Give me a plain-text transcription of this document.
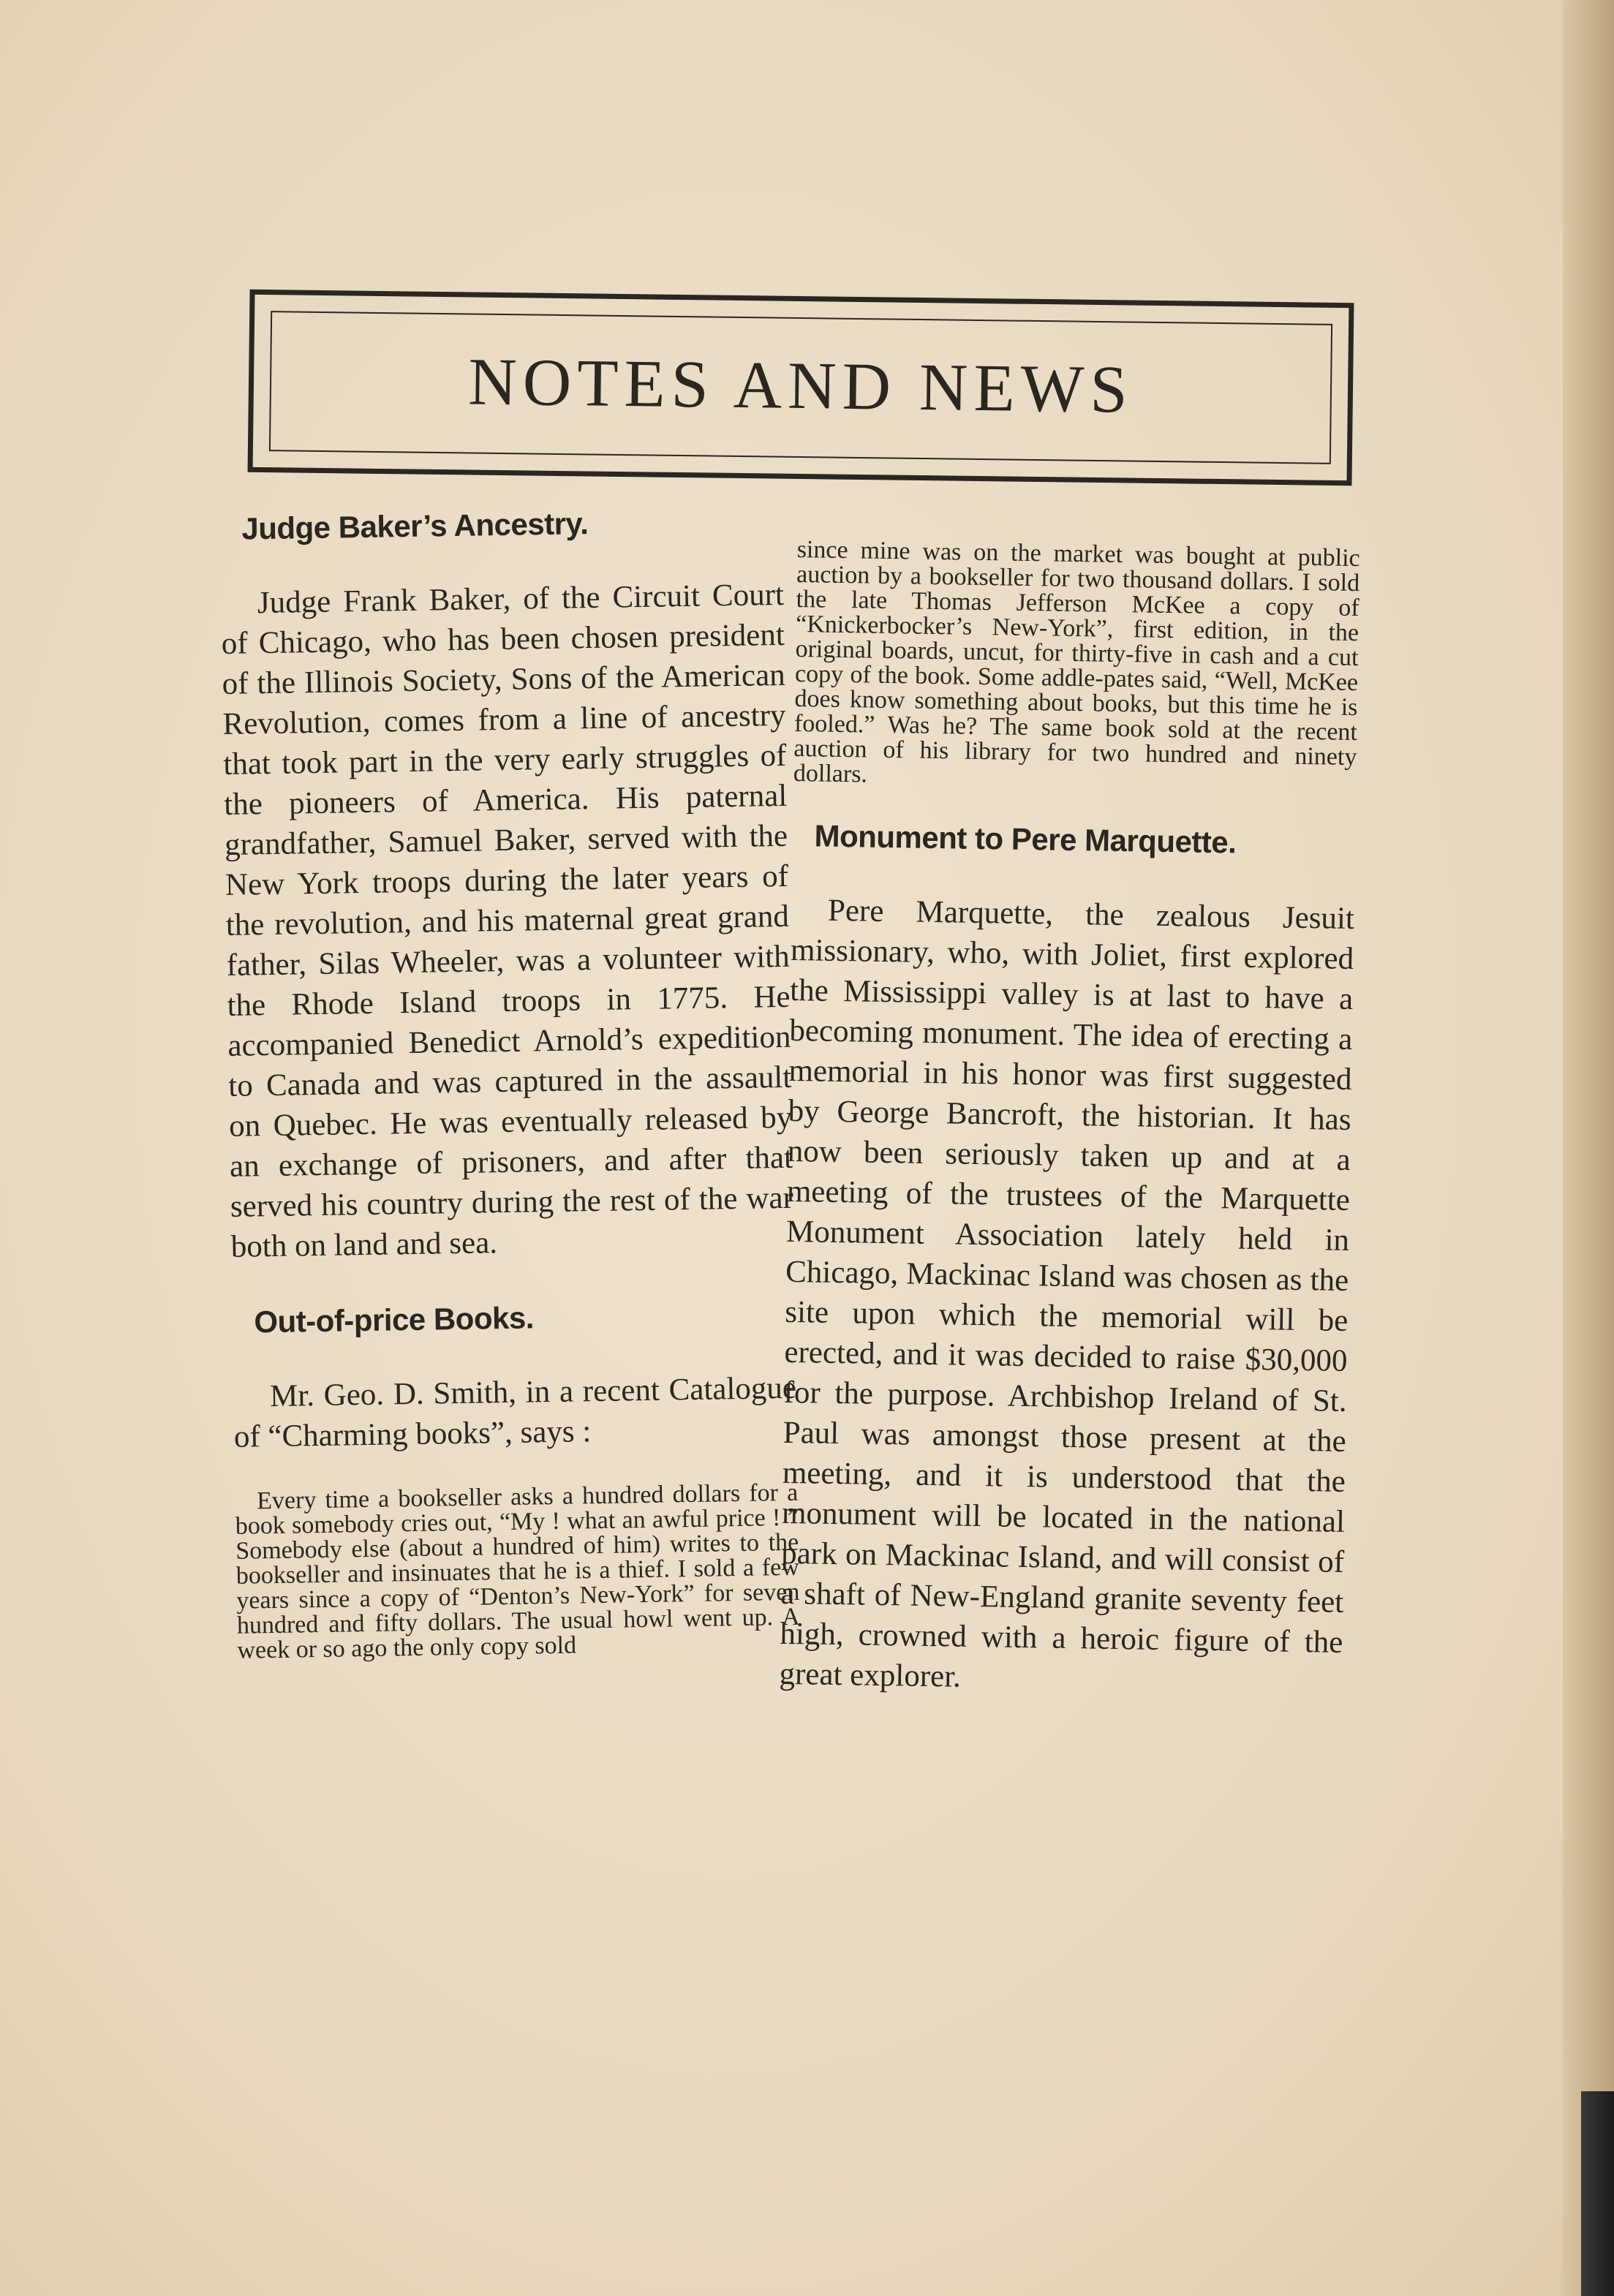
NOTES AND NEWS
Judge Baker’s Ancestry.

Judge Frank Baker, of the Circuit Court of Chicago, who has been chosen president of the Illinois Society, Sons of the American Revolution, comes from a line of ancestry that took part in the very early struggles of the pioneers of America. His paternal grandfather, Samuel Baker, served with the New York troops during the later years of the revolution, and his maternal great grand father, Silas Wheeler, was a volunteer with the Rhode Island troops in 1775. He accompanied Benedict Arnold’s expedition to Canada and was captured in the assault on Quebec. He was eventually released by an exchange of prisoners, and after that served his country during the rest of the war both on land and sea.

Out-of-price Books.

Mr. Geo. D. Smith, in a recent Catalogue of “Charming books”, says :

Every time a bookseller asks a hundred dollars for a book somebody cries out, “My ! what an awful price ! ” Somebody else (about a hundred of him) writes to the bookseller and insinuates that he is a thief. I sold a few years since a copy of “Denton’s New-York” for seven hundred and fifty dollars. The usual howl went up. A week or so ago the only copy sold

since mine was on the market was bought at public auction by a bookseller for two thousand dollars. I sold the late Thomas Jefferson McKee a copy of “Knickerbocker’s New-York”, first edition, in the original boards, uncut, for thirty-five in cash and a cut copy of the book. Some addle-pates said, “Well, McKee does know something about books, but this time he is fooled.” Was he? The same book sold at the recent auction of his library for two hundred and ninety dollars.

Monument to Pere Marquette.

Pere Marquette, the zealous Jesuit missionary, who, with Joliet, first explored the Mississippi valley is at last to have a becoming monument. The idea of erecting a memorial in his honor was first suggested by George Bancroft, the historian. It has now been seriously taken up and at a meeting of the trustees of the Marquette Monument Association lately held in Chicago, Mackinac Island was chosen as the site upon which the memorial will be erected, and it was decided to raise $30,000 for the purpose. Archbishop Ireland of St. Paul was amongst those present at the meeting, and it is understood that the monument will be located in the national park on Mackinac Island, and will consist of a shaft of New-England granite seventy feet high, crowned with a heroic figure of the great explorer.
